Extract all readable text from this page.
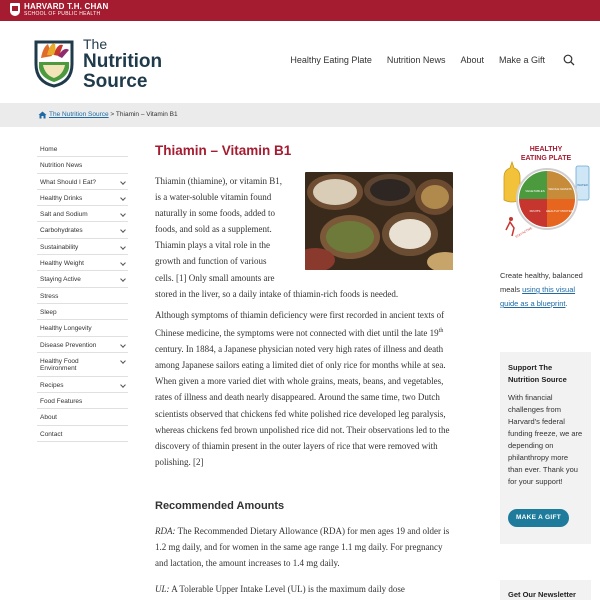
HARVARD T.H. CHAN
SCHOOL OF PUBLIC HEALTH
The
Nutrition
Source
Healthy Eating Plate Nutrition News About Make a Gift
The Nutrition Source > Thiamin – Vitamin B1
Home
Nutrition News
What Should I Eat?
Healthy Drinks
Salt and Sodium
Carbohydrates
Sustainability
Healthy Weight
Staying Active
Stress
Sleep
Healthy Longevity
Disease Prevention
Healthy Food Environment
Recipes
Food Features
About
Contact
Thiamin – Vitamin B1
Thiamin (thiamine), or vitamin B1,
is a water-soluble vitamin found
naturally in some foods, added to
foods, and sold as a supplement.
Thiamin plays a vital role in the
growth and function of various
cells. [1] Only small amounts are
stored in the liver, so a daily intake of thiamin-rich foods is needed.
Although symptoms of thiamin deficiency were first recorded in ancient texts of Chinese medicine, the symptoms were not connected with diet until the late 19th century. In 1884, a Japanese physician noted very high rates of illness and death among Japanese sailors eating a limited diet of only rice for months while at sea. When given a more varied diet with whole grains, meats, beans, and vegetables, rates of illness and death nearly disappeared. Around the same time, two Dutch scientists observed that chickens fed white polished rice developed leg paralysis, whereas chickens fed brown unpolished rice did not. Their observations led to the discovery of thiamin present in the outer layers of rice that were removed with polishing. [2]
Recommended Amounts
RDA: The Recommended Dietary Allowance (RDA) for men ages 19 and older is 1.2 mg daily, and for women in the same age range 1.1 mg daily. For pregnancy and lactation, the amount increases to 1.4 mg daily.
UL: A Tolerable Upper Intake Level (UL) is the maximum daily dose
HEALTHY
EATING PLATE
WATER
VEGETABLES WHOLE GRAINS
FRUITS HEALTHY PROTEIN
STAY ACTIVE
Create healthy, balanced meals using this visual guide as a blueprint.
Support The Nutrition Source
With financial challenges from Harvard's federal funding freeze, we are depending on philanthropy more than ever. Thank you for your support!
MAKE A GIFT
Get Our Newsletter
